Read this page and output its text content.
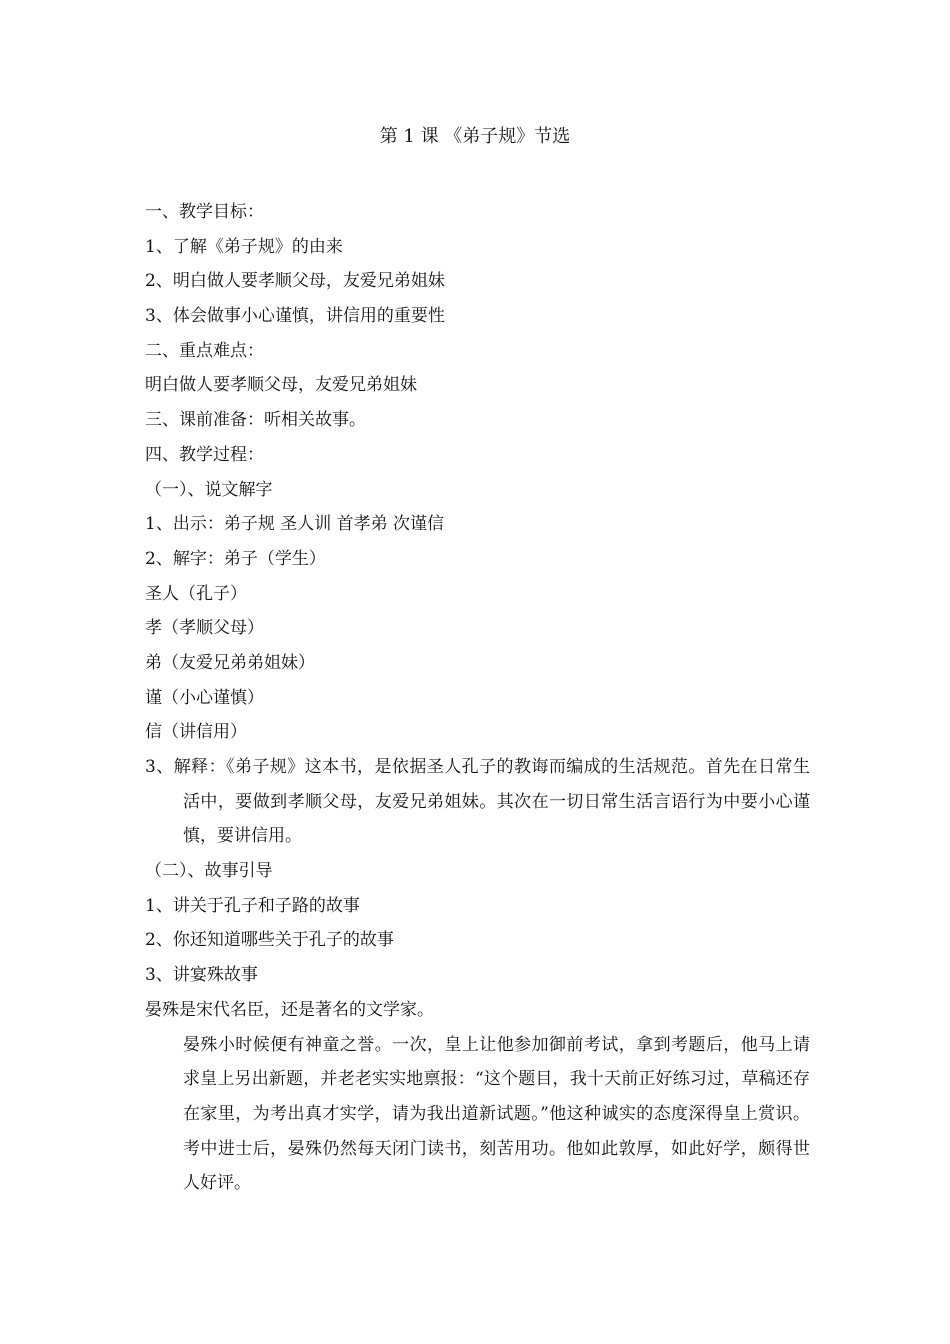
第 1 课 《弟子规》节选
一、教学目标：
1、了解《弟子规》的由来
2、明白做人要孝顺父母，友爱兄弟姐妹
3、体会做事小心谨慎，讲信用的重要性
二、重点难点：
明白做人要孝顺父母，友爱兄弟姐妹
三、课前准备：听相关故事。
四、教学过程：
（一）、说文解字
1、出示：弟子规 圣人训 首孝弟 次谨信
2、解字：弟子（学生）
圣人（孔子）
孝（孝顺父母）
弟（友爱兄弟弟姐妹）
谨（小心谨慎）
信（讲信用）
3、解释：《弟子规》这本书，是依据圣人孔子的教诲而编成的生活规范。首先在日常生活中，要做到孝顺父母，友爱兄弟姐妹。其次在一切日常生活言语行为中要小心谨慎，要讲信用。
（二）、故事引导
1、讲关于孔子和子路的故事
2、你还知道哪些关于孔子的故事
3、讲宴殊故事
晏殊是宋代名臣，还是著名的文学家。
晏殊小时候便有神童之誉。一次，皇上让他参加御前考试，拿到考题后，他马上请求皇上另出新题，并老老实实地禀报：“这个题目，我十天前正好练习过，草稿还存在家里，为考出真才实学，请为我出道新试题。”他这种诚实的态度深得皇上赏识。考中进士后，晏殊仍然每天闭门读书，刻苦用功。他如此敦厚，如此好学，颇得世人好评。
